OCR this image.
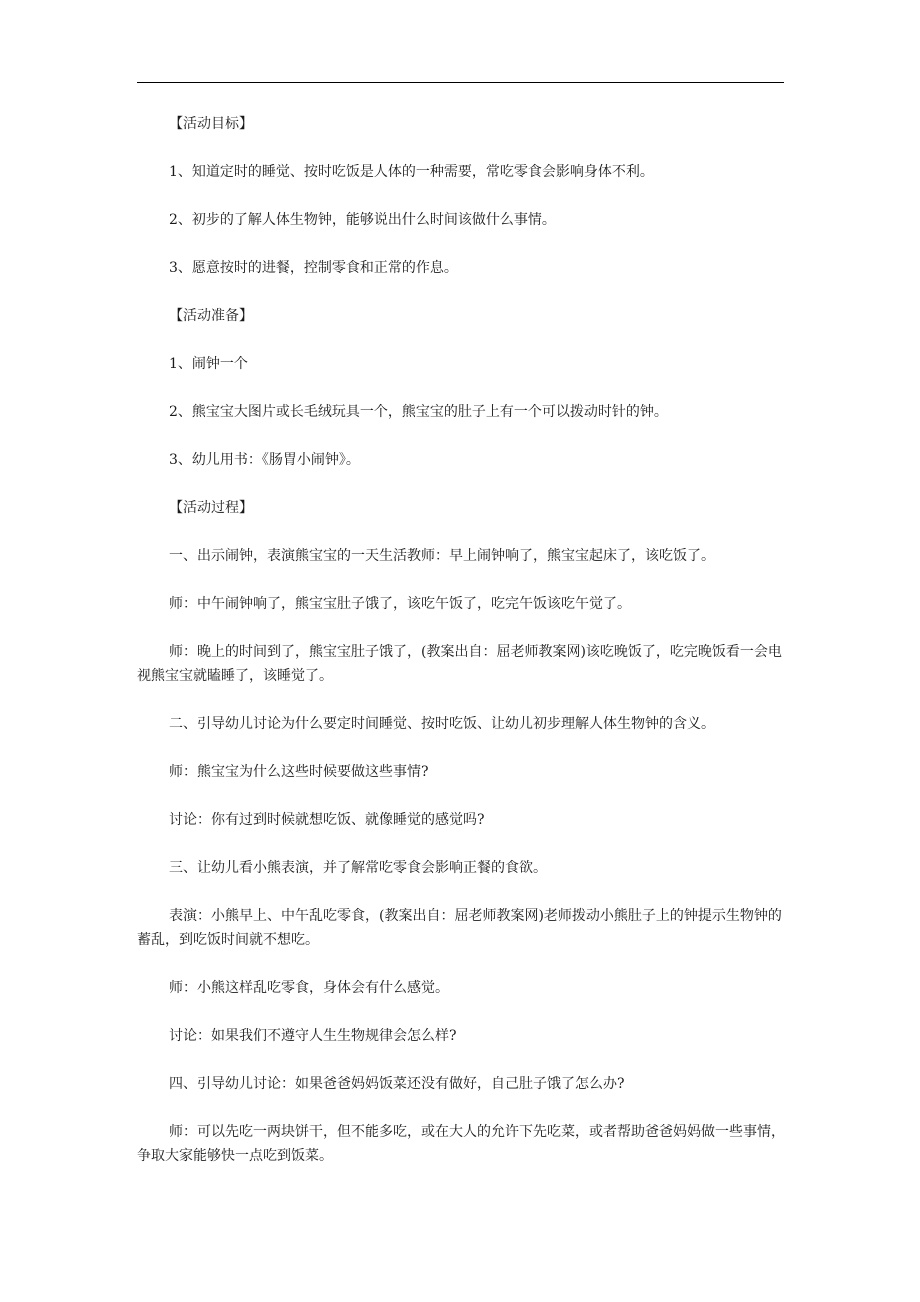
【活动目标】

1、知道定时的睡觉、按时吃饭是人体的一种需要，常吃零食会影响身体不利。

2、初步的了解人体生物钟，能够说出什么时间该做什么事情。

3、愿意按时的进餐，控制零食和正常的作息。

【活动准备】

1、闹钟一个

2、熊宝宝大图片或长毛绒玩具一个，熊宝宝的肚子上有一个可以拨动时针的钟。

3、幼儿用书：《肠胃小闹钟》。

【活动过程】

一、出示闹钟，表演熊宝宝的一天生活教师：早上闹钟响了，熊宝宝起床了，该吃饭了。

师：中午闹钟响了，熊宝宝肚子饿了，该吃午饭了，吃完午饭该吃午觉了。

师：晚上的时间到了，熊宝宝肚子饿了，(教案出自：屈老师教案网)该吃晚饭了，吃完晚饭看一会电视熊宝宝就瞌睡了，该睡觉了。

二、引导幼儿讨论为什么要定时间睡觉、按时吃饭、让幼儿初步理解人体生物钟的含义。

师：熊宝宝为什么这些时候要做这些事情?

讨论：你有过到时候就想吃饭、就像睡觉的感觉吗?

三、让幼儿看小熊表演，并了解常吃零食会影响正餐的食欲。

表演：小熊早上、中午乱吃零食，(教案出自：屈老师教案网)老师拨动小熊肚子上的钟提示生物钟的蓄乱，到吃饭时间就不想吃。

师：小熊这样乱吃零食，身体会有什么感觉。

讨论：如果我们不遵守人生生物规律会怎么样?

四、引导幼儿讨论：如果爸爸妈妈饭菜还没有做好，自己肚子饿了怎么办?

师：可以先吃一两块饼干，但不能多吃，或在大人的允许下先吃菜，或者帮助爸爸妈妈做一些事情，争取大家能够快一点吃到饭菜。
